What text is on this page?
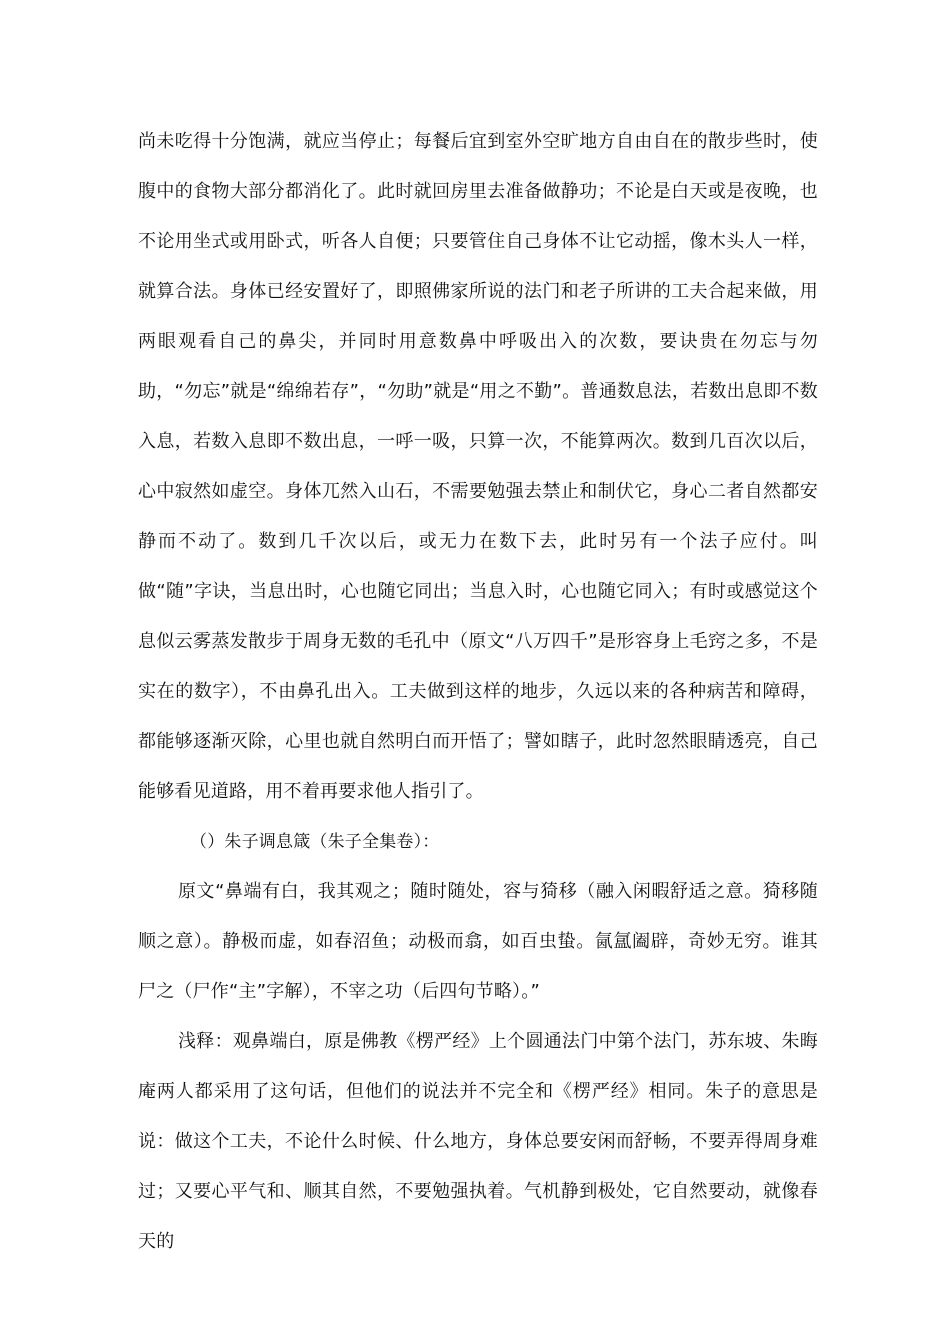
尚未吃得十分饱满，就应当停止；每餐后宜到室外空旷地方自由自在的散步些时，使腹中的食物大部分都消化了。此时就回房里去准备做静功；不论是白天或是夜晚，也不论用坐式或用卧式，听各人自便；只要管住自己身体不让它动摇，像木头人一样，就算合法。身体已经安置好了，即照佛家所说的法门和老子所讲的工夫合起来做，用两眼观看自己的鼻尖，并同时用意数鼻中呼吸出入的次数，要诀贵在勿忘与勿助，“勿忘”就是“绵绵若存”，“勿助”就是“用之不勤”。普通数息法，若数出息即不数入息，若数入息即不数出息，一呼一吸，只算一次，不能算两次。数到几百次以后，心中寂然如虚空。身体兀然入山石，不需要勉强去禁止和制伏它，身心二者自然都安静而不动了。数到几千次以后，或无力在数下去，此时另有一个法子应付。叫做“随”字诀，当息出时，心也随它同出；当息入时，心也随它同入；有时或感觉这个息似云雾蒸发散步于周身无数的毛孔中（原文“八万四千”是形容身上毛窍之多，不是实在的数字），不由鼻孔出入。工夫做到这样的地步，久远以来的各种病苦和障碍，都能够逐渐灭除，心里也就自然明白而开悟了；譬如瞎子，此时忽然眼睛透亮，自己能够看见道路，用不着再要求他人指引了。

（）朱子调息箴（朱子全集卷）：

原文“鼻端有白，我其观之；随时随处，容与猗移（融入闲暇舒适之意。猗移随顺之意）。静极而虚，如春沼鱼；动极而翕，如百虫蛰。氤氲阖辟，奇妙无穷。谁其尸之（尸作“主”字解），不宰之功（后四句节略）。”

浅释：观鼻端白，原是佛教《楞严经》上个圆通法门中第个法门，苏东坡、朱晦庵两人都采用了这句话，但他们的说法并不完全和《楞严经》相同。朱子的意思是说：做这个工夫，不论什么时候、什么地方，身体总要安闲而舒畅，不要弄得周身难过；又要心平气和、顺其自然，不要勉强执着。气机静到极处，它自然要动，就像春天的
